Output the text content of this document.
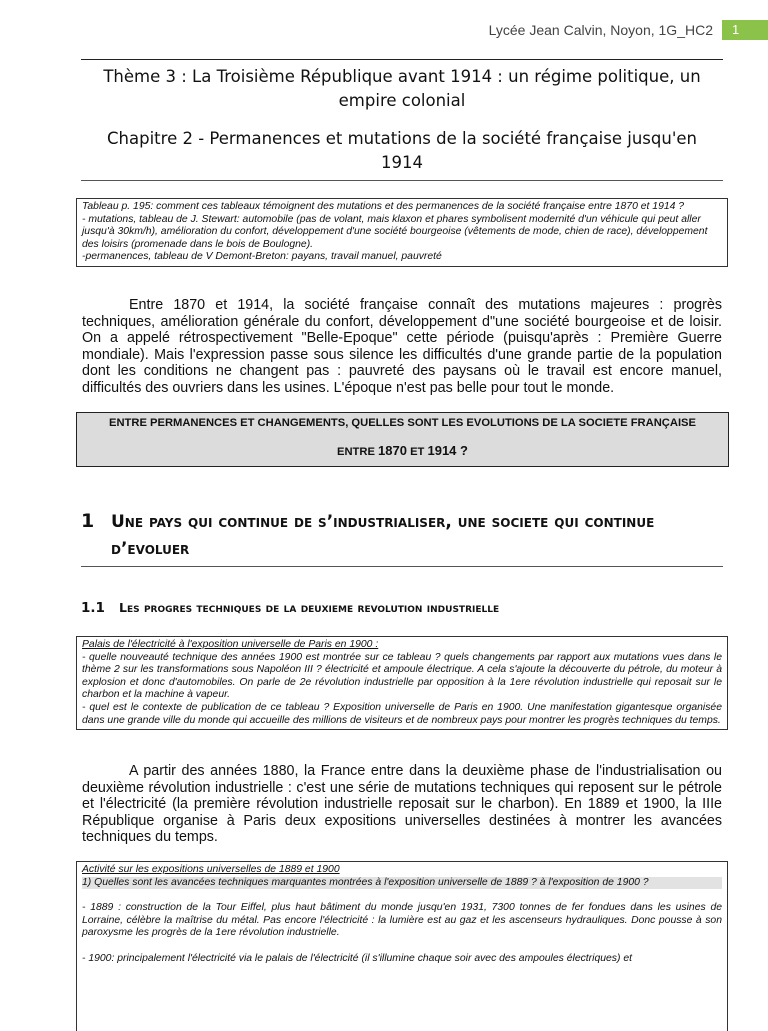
Lycée Jean Calvin, Noyon, 1G_HC2	1

Thème 3 : La Troisième République avant 1914 : un régime politique, un

empire colonial

Chapitre 2 - Permanences et mutations de la société française jusqu'en

1914

Tableau p. 195: comment ces tableaux témoignent des mutations et des permanences de la société française entre 1870 et 1914 ?

- mutations, tableau de J. Stewart: automobile (pas de volant, mais klaxon et phares symbolisent modernité d'un véhicule qui peut aller jusqu'à 30km/h), amélioration du confort, développement d'une société bourgeoise (vêtements de mode, chien de race), développement des loisirs (promenade dans le bois de Boulogne).

-permanences, tableau de V Demont-Breton: payans, travail manuel, pauvreté

Entre 1870 et 1914, la société française connaît des mutations majeures : progrès techniques, amélioration générale du confort, développement d"une société bourgeoise et de loisir. On a appelé rétrospectivement "Belle-Epoque" cette période (puisqu'après : Première Guerre mondiale). Mais l'expression passe sous silence les difficultés d'une grande partie de la population dont les conditions ne changent pas : pauvreté des paysans où le travail est encore manuel, difficultés des ouvriers dans les usines. L'époque n'est pas belle pour tout le monde.

ENTRE PERMANENCES ET CHANGEMENTS, QUELLES SONT LES EVOLUTIONS DE LA SOCIETE FRANÇAISE
ENTRE 1870 ET 1914 ?
1 Une pays qui continue de s’industrialiser, une societe qui continue
d’evoluer
1.1 Les progres techniques de la deuxieme revolution industrielle

Palais de l'électricité à l'exposition universelle de Paris en 1900 :

- quelle nouveauté technique des années 1900 est montrée sur ce tableau ? quels changements par rapport aux mutations vues dans le thème 2 sur les transformations sous Napoléon III ? électricité et ampoule électrique. A cela s'ajoute la découverte du pétrole, du moteur à explosion et donc d'automobiles. On parle de 2e révolution industrielle par opposition à la 1ere révolution industrielle qui reposait sur le charbon et la machine à vapeur.

- quel est le contexte de publication de ce tableau ? Exposition universelle de Paris en 1900. Une manifestation gigantesque organisée dans une grande ville du monde qui accueille des millions de visiteurs et de nombreux pays pour montrer les progrès techniques du temps.

A partir des années 1880, la France entre dans la deuxième phase de l'industrialisation ou deuxième révolution industrielle : c'est une série de mutations techniques qui reposent sur le pétrole et l'électricité (la première révolution industrielle reposait sur le charbon). En 1889 et 1900, la IIIe République organise à Paris deux expositions universelles destinées à montrer les avancées techniques du temps.

Activité sur les expositions universelles de 1889 et 1900

1) Quelles sont les avancées techniques marquantes montrées à l'exposition universelle de 1889 ? à l'exposition de 1900 ?

- 1889 : construction de la Tour Eiffel, plus haut bâtiment du monde jusqu'en 1931, 7300 tonnes de fer fondues dans les usines de Lorraine, célèbre la maîtrise du métal. Pas encore l'électricité : la lumière est au gaz et les ascenseurs hydrauliques. Donc pousse à son paroxysme les progrès de la 1ere révolution industrielle.

- 1900: principalement l'électricité via le palais de l'électricité (il s'illumine chaque soir avec des ampoules électriques) et
